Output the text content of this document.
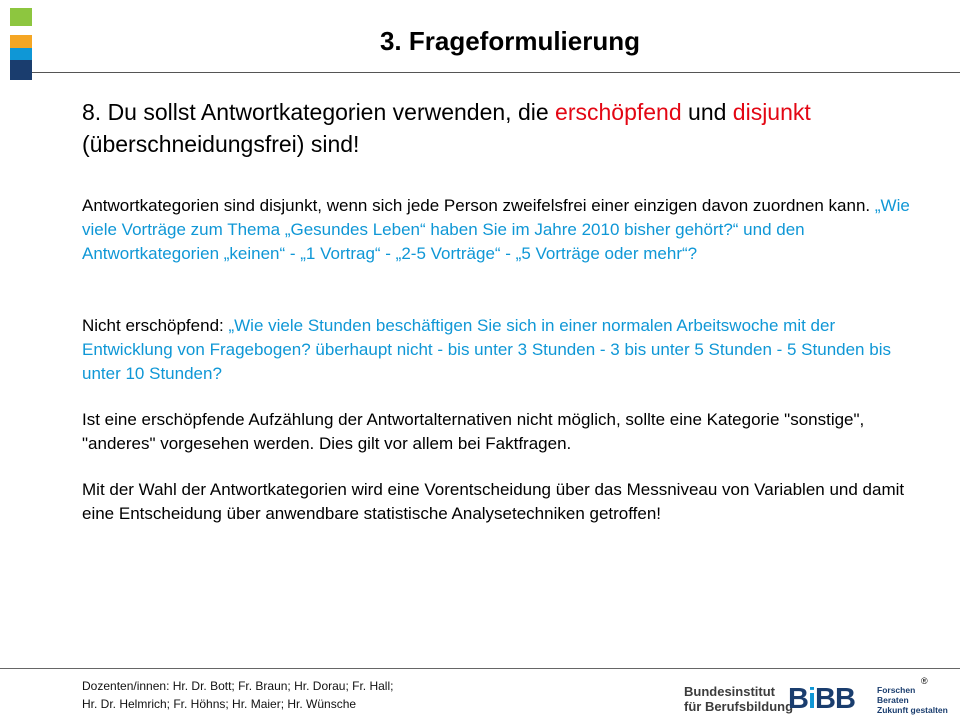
3. Frageformulierung

8. Du sollst Antwortkategorien verwenden, die erschöpfend und disjunkt (überschneidungsfrei) sind!

Antwortkategorien sind disjunkt, wenn sich jede Person zweifelsfrei einer einzigen davon zuordnen kann. „Wie viele Vorträge zum Thema „Gesundes Leben“ haben Sie im Jahre 2010 bisher gehört?“ und den Antwortkategorien „keinen“ - „1 Vortrag“ - „2-5 Vorträge“ - „5 Vorträge oder mehr“?

Nicht erschöpfend: „Wie viele Stunden beschäftigen Sie sich in einer normalen Arbeitswoche mit der Entwicklung von Fragebogen? überhaupt nicht - bis unter 3 Stunden - 3 bis unter 5 Stunden - 5 Stunden bis unter 10 Stunden?

Ist eine erschöpfende Aufzählung der Antwortalternativen nicht möglich, sollte eine Kategorie "sonstige", "anderes" vorgesehen werden. Dies gilt vor allem bei Faktfragen.

Mit der Wahl der Antwortkategorien wird eine Vorentscheidung über das Messniveau von Variablen und damit eine Entscheidung über anwendbare statistische Analysetechniken getroffen!

Dozenten/innen: Hr. Dr. Bott; Fr. Braun; Hr. Dorau; Fr. Hall;
Hr. Dr. Helmrich; Fr. Höhns; Hr. Maier; Hr. Wünsche
®
Bundesinstitut
für Berufsbildung
BiBB	Forschen
Beraten
Zukunft gestalten
